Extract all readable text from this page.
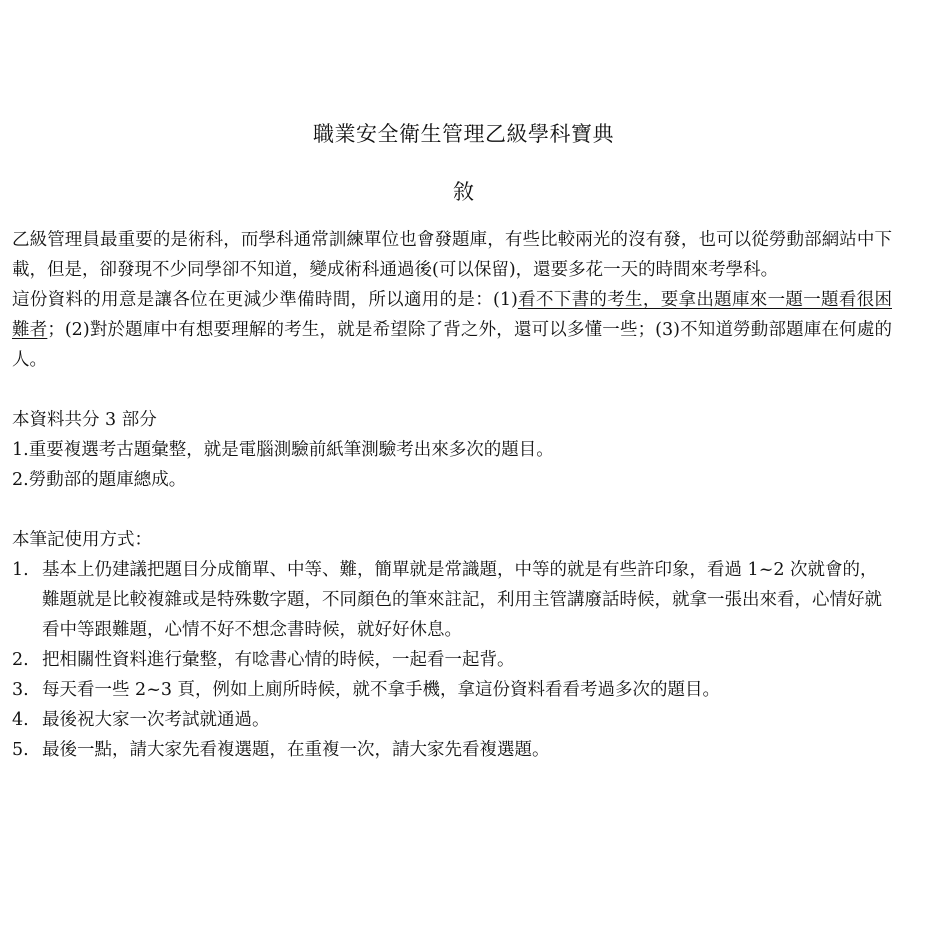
職業安全衛生管理乙級學科寶典
敘

乙級管理員最重要的是術科，而學科通常訓練單位也會發題庫，有些比較兩光的沒有發，也可以從勞動部網站中下載，但是，卻發現不少同學卻不知道，變成術科通過後(可以保留)，還要多花一天的時間來考學科。

這份資料的用意是讓各位在更減少準備時間，所以適用的是：(1)看不下書的考生，要拿出題庫來一題一題看很困難者；(2)對於題庫中有想要理解的考生，就是希望除了背之外，還可以多懂一些；(3)不知道勞動部題庫在何處的人。

本資料共分 3 部分

1.重要複選考古題彙整，就是電腦測驗前紙筆測驗考出來多次的題目。

2.勞動部的題庫總成。

本筆記使用方式：

1. 基本上仍建議把題目分成簡單、中等、難，簡單就是常識題，中等的就是有些許印象，看過 1~2 次就會的，難題就是比較複雜或是特殊數字題，不同顏色的筆來註記，利用主管講廢話時候，就拿一張出來看，心情好就看中等跟難題，心情不好不想念書時候，就好好休息。
2. 把相關性資料進行彙整，有唸書心情的時候，一起看一起背。
3. 每天看一些 2~3 頁，例如上廁所時候，就不拿手機，拿這份資料看看考過多次的題目。
4. 最後祝大家一次考試就通過。
5. 最後一點，請大家先看複選題，在重複一次，請大家先看複選題。
